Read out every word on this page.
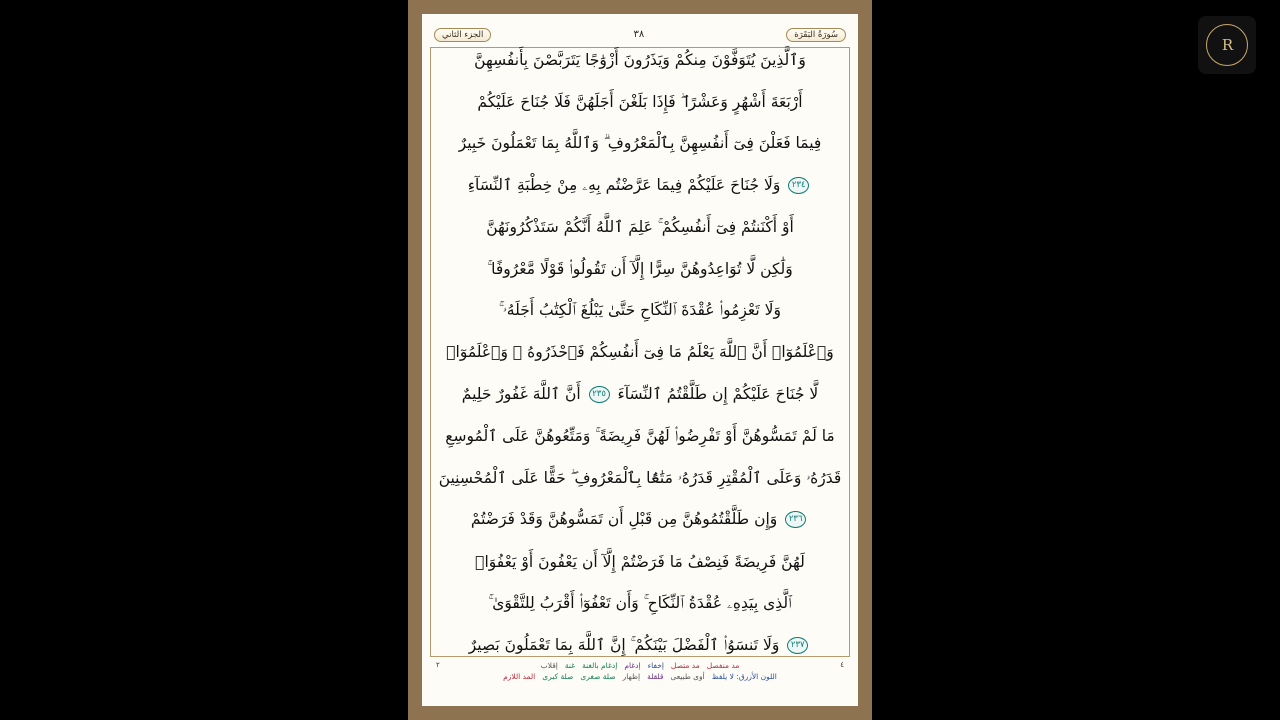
سُورَةُ البَقَرَة
٣٨
الجزء الثاني
وَٱلَّذِينَ يُتَوَفَّوْنَ مِنكُمْ وَيَذَرُونَ أَزْوَٰجًا يَتَرَبَّصْنَ بِأَنفُسِهِنَّ
أَرْبَعَةَ أَشْهُرٍ وَعَشْرًا ۖ فَإِذَا بَلَغْنَ أَجَلَهُنَّ فَلَا جُنَاحَ عَلَيْكُمْ
فِيمَا فَعَلْنَ فِىٓ أَنفُسِهِنَّ بِٱلْمَعْرُوفِ ۗ وَٱللَّهُ بِمَا تَعْمَلُونَ خَبِيرٌ
٢٣٤ وَلَا جُنَاحَ عَلَيْكُمْ فِيمَا عَرَّضْتُم بِهِۦ مِنْ خِطْبَةِ ٱلنِّسَآءِ
أَوْ أَكْنَنتُمْ فِىٓ أَنفُسِكُمْ ۚ عَلِمَ ٱللَّهُ أَنَّكُمْ سَتَذْكُرُونَهُنَّ
وَلَٰكِن لَّا تُوَاعِدُوهُنَّ سِرًّا إِلَّآ أَن تَقُولُوا۟ قَوْلًا مَّعْرُوفًا ۚ
وَلَا تَعْزِمُوا۟ عُقْدَةَ ٱلنِّكَاحِ حَتَّىٰ يَبْلُغَ ٱلْكِتَٰبُ أَجَلَهُۥ ۚ
وَٱعْلَمُوٓا۟ أَنَّ ٱللَّهَ يَعْلَمُ مَا فِىٓ أَنفُسِكُمْ فَٱحْذَرُوهُ ۚ وَٱعْلَمُوٓا۟
لَّا جُنَاحَ عَلَيْكُمْ إِن طَلَّقْتُمُ ٱلنِّسَآءَ ٢٣٥ أَنَّ ٱللَّهَ غَفُورٌ حَلِيمٌ
مَا لَمْ تَمَسُّوهُنَّ أَوْ تَفْرِضُوا۟ لَهُنَّ فَرِيضَةً ۚ وَمَتِّعُوهُنَّ عَلَى ٱلْمُوسِعِ
قَدَرُهُۥ وَعَلَى ٱلْمُقْتِرِ قَدَرُهُۥ مَتَٰعًۢا بِٱلْمَعْرُوفِ ۖ حَقًّا عَلَى ٱلْمُحْسِنِينَ
٢٣٦ وَإِن طَلَّقْتُمُوهُنَّ مِن قَبْلِ أَن تَمَسُّوهُنَّ وَقَدْ فَرَضْتُمْ
لَهُنَّ فَرِيضَةً فَنِصْفُ مَا فَرَضْتُمْ إِلَّآ أَن يَعْفُونَ أَوْ يَعْفُوَا۟
ٱلَّذِى بِيَدِهِۦ عُقْدَةُ ٱلنِّكَاحِ ۚ وَأَن تَعْفُوٓا۟ أَقْرَبُ لِلتَّقْوَىٰ ۚ
٢٣٧ وَلَا تَنسَوُا۟ ٱلْفَضْلَ بَيْنَكُمْ ۚ إِنَّ ٱللَّهَ بِمَا تَعْمَلُونَ بَصِيرٌ
٤
٢	إقلاب غنة إدغام بالغنة إدغام إخفاء مد متصل مد منفصل
المد اللازم صلة كبرى صلة صغرى إظهار قلقلة أوى طبيعى اللون الأزرق: لا يلفظ
R
